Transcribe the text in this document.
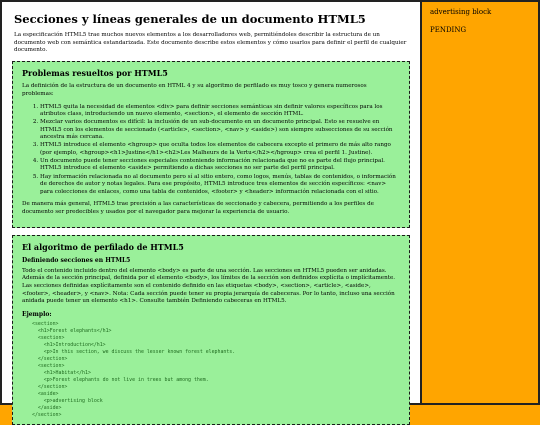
Secciones y líneas generales de un documento HTML5

La especificación HTML5 trae muchos nuevos elementos a los desarrolladores web, permitiéndoles describir la estructura de un documento web con semántica estandarizada. Este documento describe estos elementos y cómo usarlos para definir el perfil de cualquier documento.

Problemas resueltos por HTML5

La definición de la estructura de un documento en HTML 4 y su algoritmo de perfilado es muy tosco y genera numerosos problemas:

1. HTML5 quita la necesidad de elementos <div> para definir secciones semánticas sin definir valores específicos para los atributos class, introduciendo un nuevo elemento, <section>, el elemento de sección HTML.
2. Mezclar varios documentos es difícil: la inclusión de un sub-documento en un documento principal. Esto se resuelve en HTML5 con los elementos de seccionado (<article>, <section>, <nav> y <aside>) son siempre subsecciones de su sección ancestra más cercana.
3. HTML5 introduce el elemento <hgroup> que oculta todos los elementos de cabecera excepto el primero de más alto rango (por ejemplo, <hgroup><h1>Justine</h1><h2>Les Malheurs de la Vertu</h2></hgroup> crea el perfil 1. Justine).
4. Un documento puede tener secciones especiales conteniendo información relacionada que no es parte del flujo principal. HTML5 introduce el elemento <aside> permitiendo a dichas secciones no ser parte del perfil principal.
5. Hay información relacionada no al documento pero sí al sitio entero, como logos, menús, tablas de contenidos, o información de derechos de autor y notas legales. Para ese propósito, HTML5 introduce tres elementos de sección específicos: <nav> para colecciones de enlaces, como una tabla de contenidos, <footer> y <header> información relacionada con el sitio.

De manera más general, HTML5 trae precisión a las características de seccionado y cabecera, permitiendo a los perfiles de documento ser predecibles y usados por el navegador para mejorar la experiencia de usuario.

El algoritmo de perfilado de HTML5
Definiendo secciones en HTML5

Todo el contenido incluido dentro del elemento <body> es parte de una sección. Las secciones en HTML5 pueden ser anidadas. Además de la sección principal, definida por el elemento <body>, los límites de la sección son definidos explícita o implícitamente. Las secciones definidas explícitamente son el contenido definido en las etiquetas <body>, <section>, <article>, <aside>, <footer>, <header>, y <nav>. Nota: Cada sección puede tener su propia jerarquía de cabeceras. Por lo tanto, incluso una sección anidada puede tener un elemento <h1>. Consulte también Definiendo cabeceras en HTML5.

Ejemplo:
<section>
<h1>Forest elephants</h1>
<section>
<h1>Introduction</h1>
<p>In this section, we discuss the lesser known forest elephants.
</section>
<section>
<h1>Habitat</h1>
<p>Forest elephants do not live in trees but among them.
</section>
<aside>
<p>advertising block
</aside>
</section>
advertising block
PENDING
